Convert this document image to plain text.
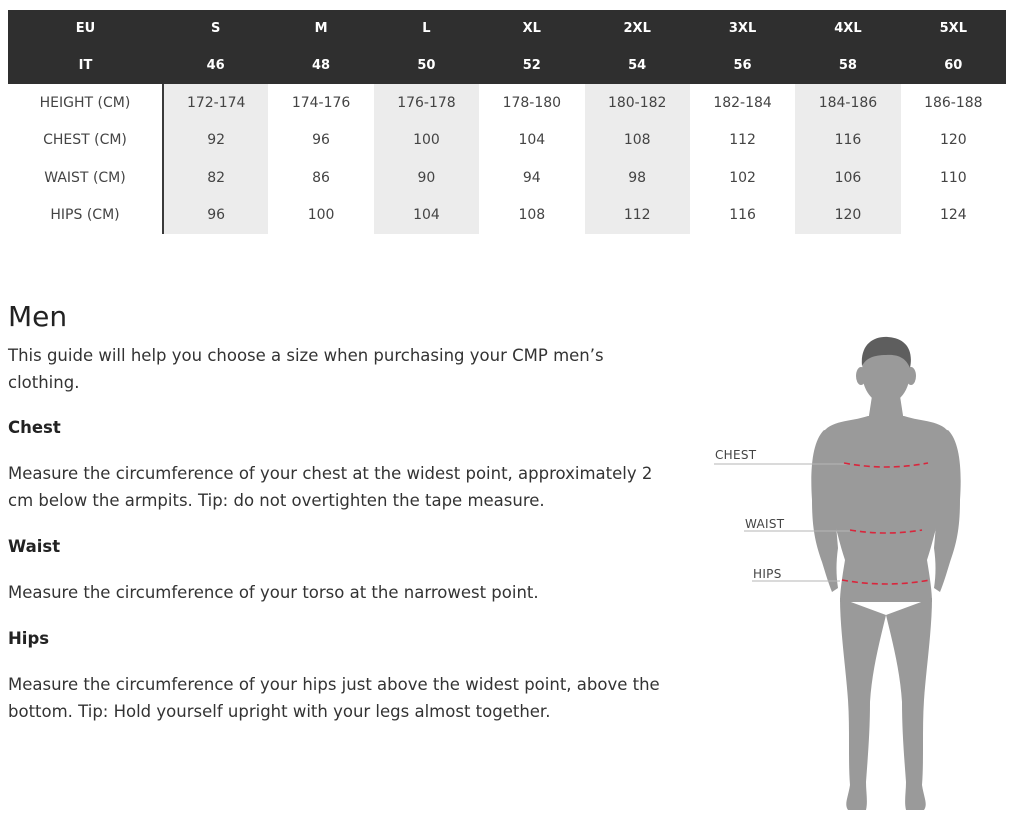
EU	S	M	L	XL	2XL	3XL	4XL	5XL
IT	46	48	50	52	54	56	58	60
HEIGHT (CM)	172-174	174-176	176-178	178-180	180-182	182-184	184-186	186-188
CHEST (CM)	92	96	100	104	108	112	116	120
WAIST (CM)	82	86	90	94	98	102	106	110
HIPS (CM)	96	100	104	108	112	116	120	124
Men

This guide will help you choose a size when purchasing your CMP men’s clothing.

Chest

Measure the circumference of your chest at the widest point, approximately 2 cm below the armpits. Tip: do not overtighten the tape measure.

Waist

Measure the circumference of your torso at the narrowest point.

Hips

Measure the circumference of your hips just above the widest point, above the bottom. Tip: Hold yourself upright with your legs almost together.

CHEST
WAIST
HIPS
